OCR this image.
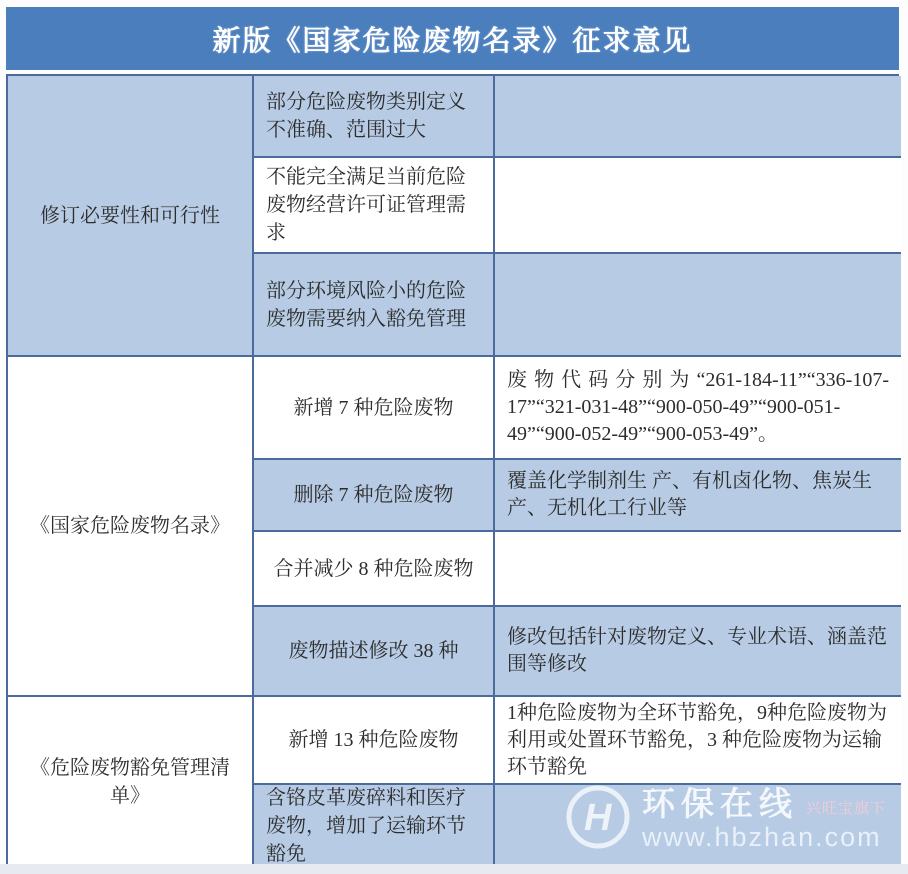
新版《国家危险废物名录》征求意见
修订必要性和可行性
部分危险废物类别定义不准确、范围过大
不能完全满足当前危险废物经营许可证管理需求
部分环境风险小的危险废物需要纳入豁免管理
《国家危险废物名录》
新增 7 种危险废物
废物代码分别为“261-184-11”“336-107-17”“321-031-48”“900-050-49”“900-051-49”“900-052-49”“900-053-49”。
删除 7 种危险废物
覆盖化学制剂生 产、有机卤化物、焦炭生产、无机化工行业等
合并减少 8 种危险废物
废物描述修改 38 种
修改包括针对废物定义、专业术语、涵盖范围等修改
《危险废物豁免管理清单》
新增 13 种危险废物
1种危险废物为全环节豁免，9种危险废物为利用或处置环节豁免，3 种危险废物为运输环节豁免
含铬皮革废碎料和医疗废物，增加了运输环节豁免
H 环保在线 兴旺宝旗下
www.hbzhan.com
